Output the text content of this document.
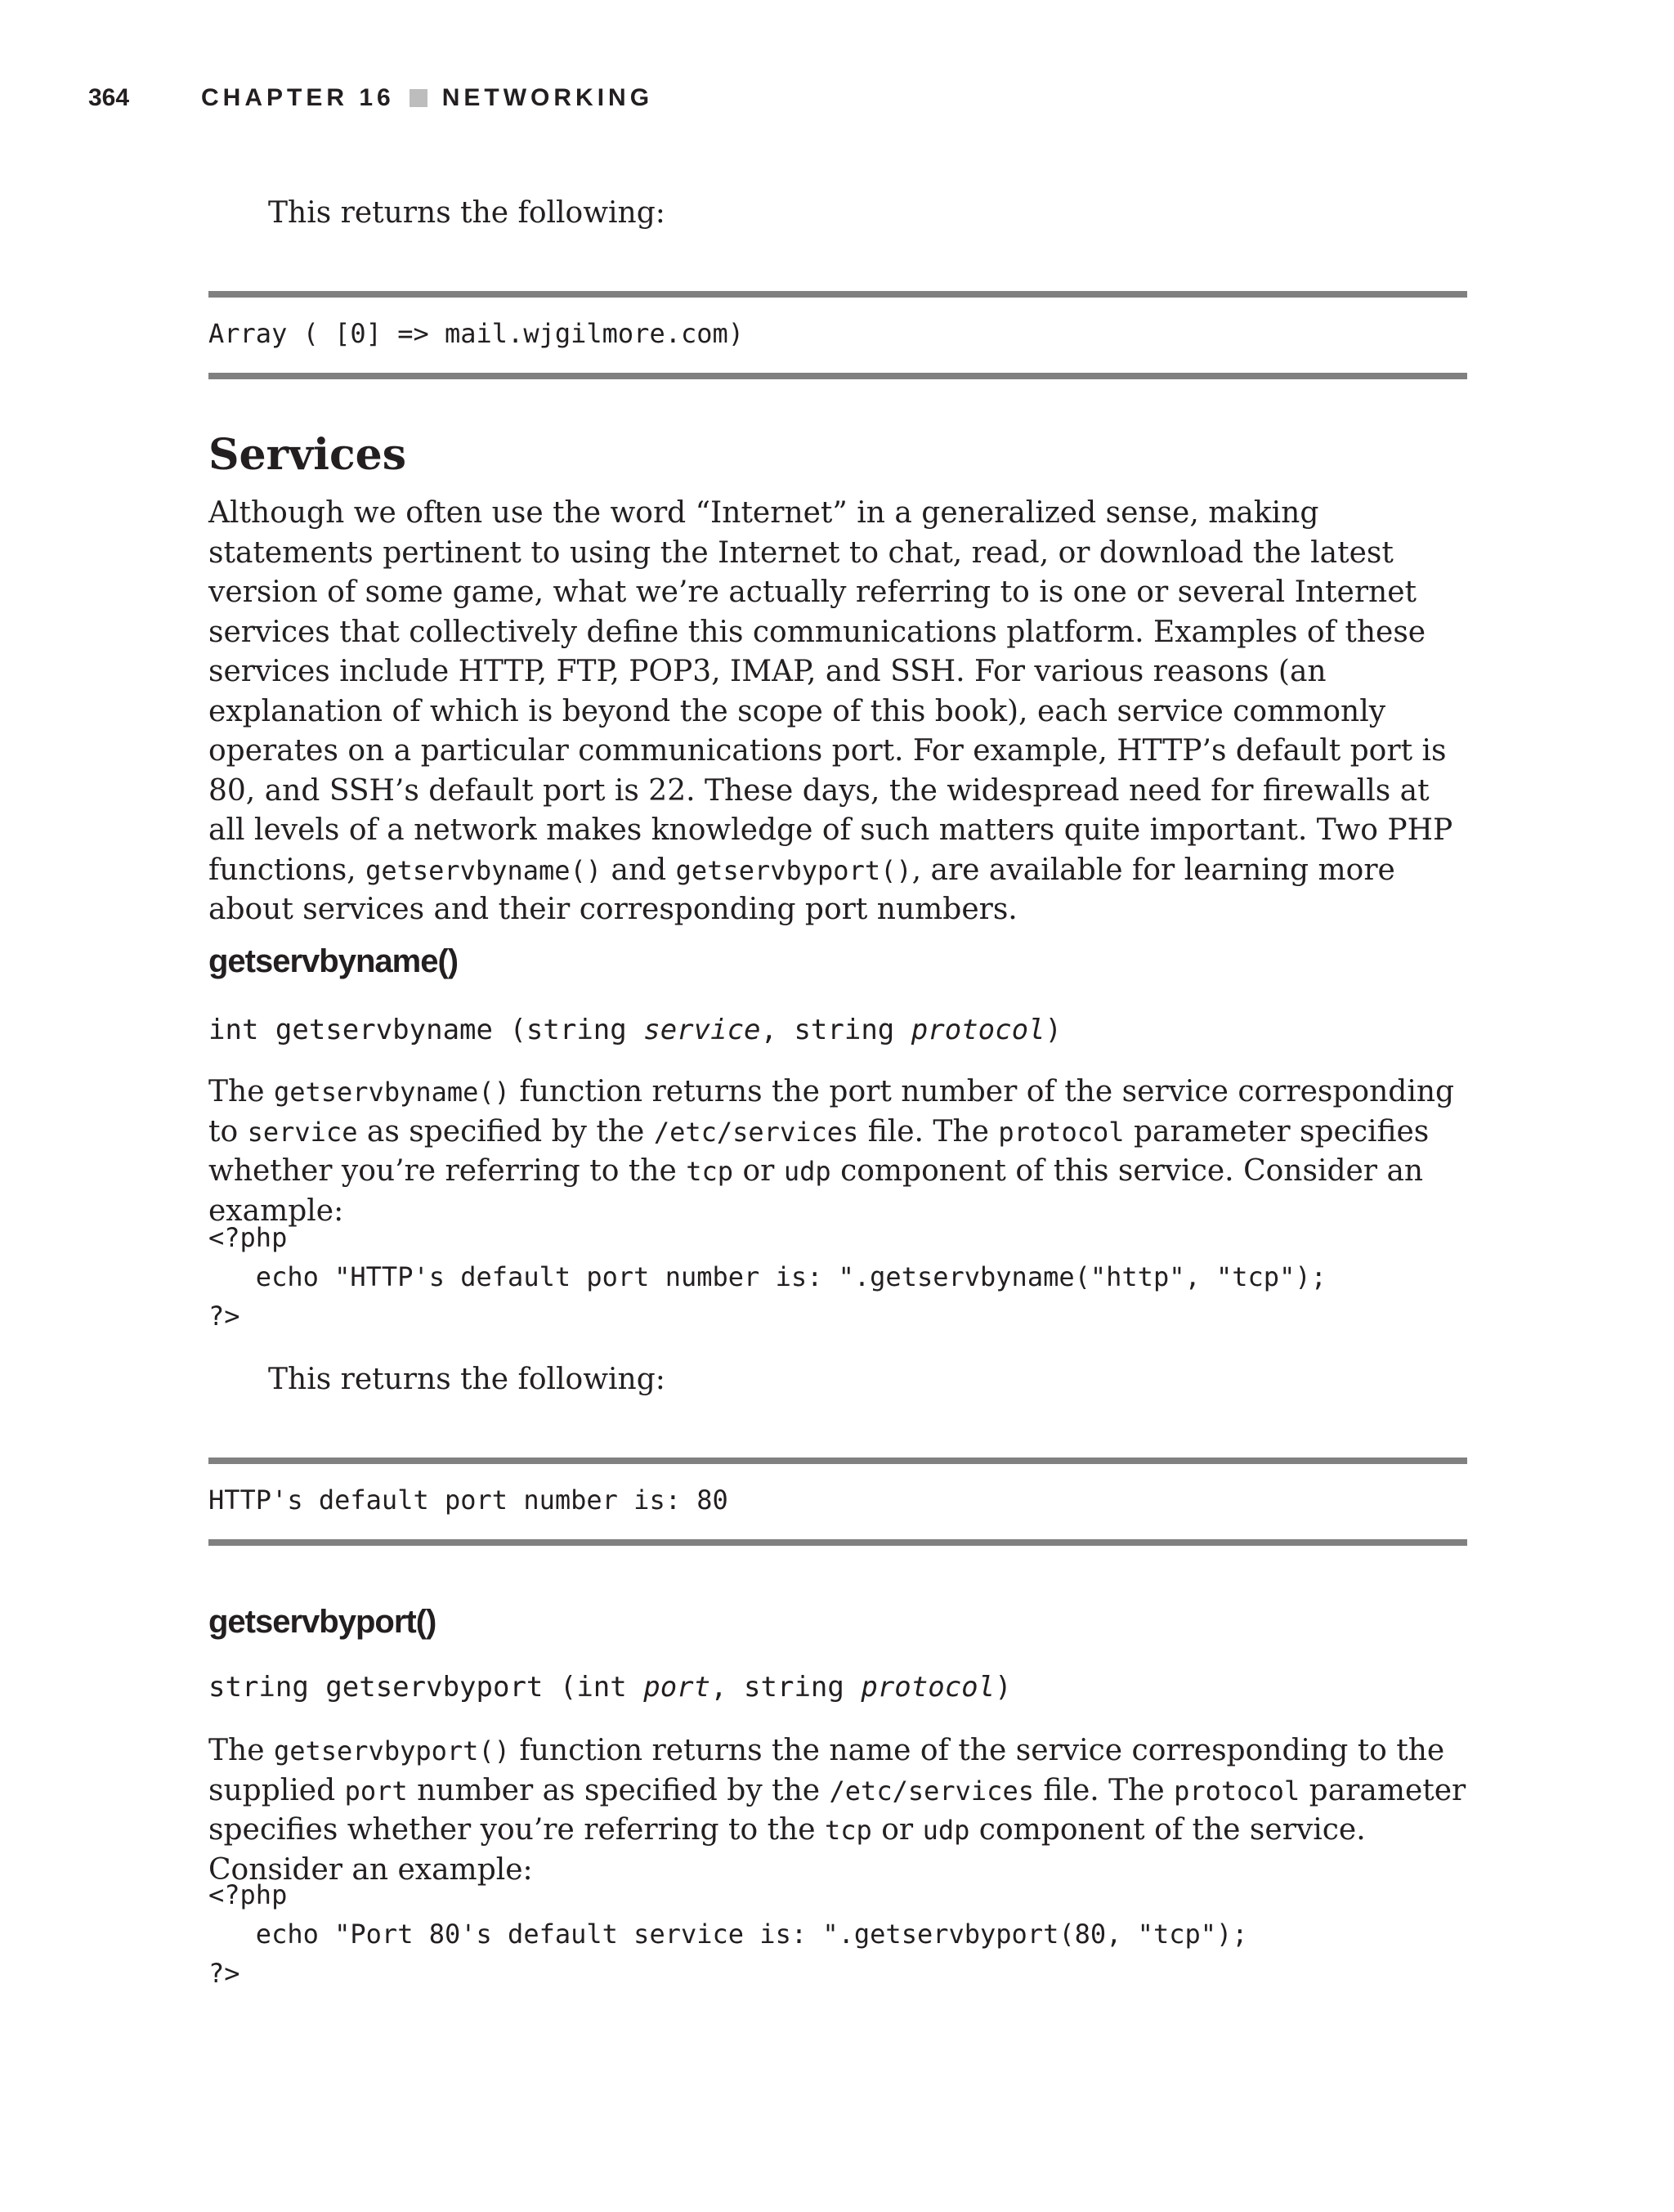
364	CHAPTER 16 NETWORKING

This returns the following:

Array ( [0] => mail.wjgilmore.com)

Services

Although we often use the word “Internet” in a generalized sense, making statements pertinent to using the Internet to chat, read, or download the latest version of some game, what we’re actually referring to is one or several Internet services that collectively define this communications platform. Examples of these services include HTTP, FTP, POP3, IMAP, and SSH. For various reasons (an explanation of which is beyond the scope of this book), each service commonly operates on a particular communications port. For example, HTTP’s default port is 80, and SSH’s default port is 22. These days, the widespread need for firewalls at all levels of a network makes knowledge of such matters quite important. Two PHP functions, getservbyname() and getservbyport(), are available for learning more about services and their corresponding port numbers.

getservbyname()

int getservbyname (string service, string protocol)

The getservbyname() function returns the port number of the service corresponding to service as specified by the /etc/services file. The protocol parameter specifies whether you’re referring to the tcp or udp component of this service. Consider an example:

<?php
echo "HTTP's default port number is: ".getservbyname("http", "tcp");
?>

This returns the following:

HTTP's default port number is: 80

getservbyport()

string getservbyport (int port, string protocol)

The getservbyport() function returns the name of the service corresponding to the supplied port number as specified by the /etc/services file. The protocol parameter specifies whether you’re referring to the tcp or udp component of the service. Consider an example:

<?php
echo "Port 80's default service is: ".getservbyport(80, "tcp");
?>
